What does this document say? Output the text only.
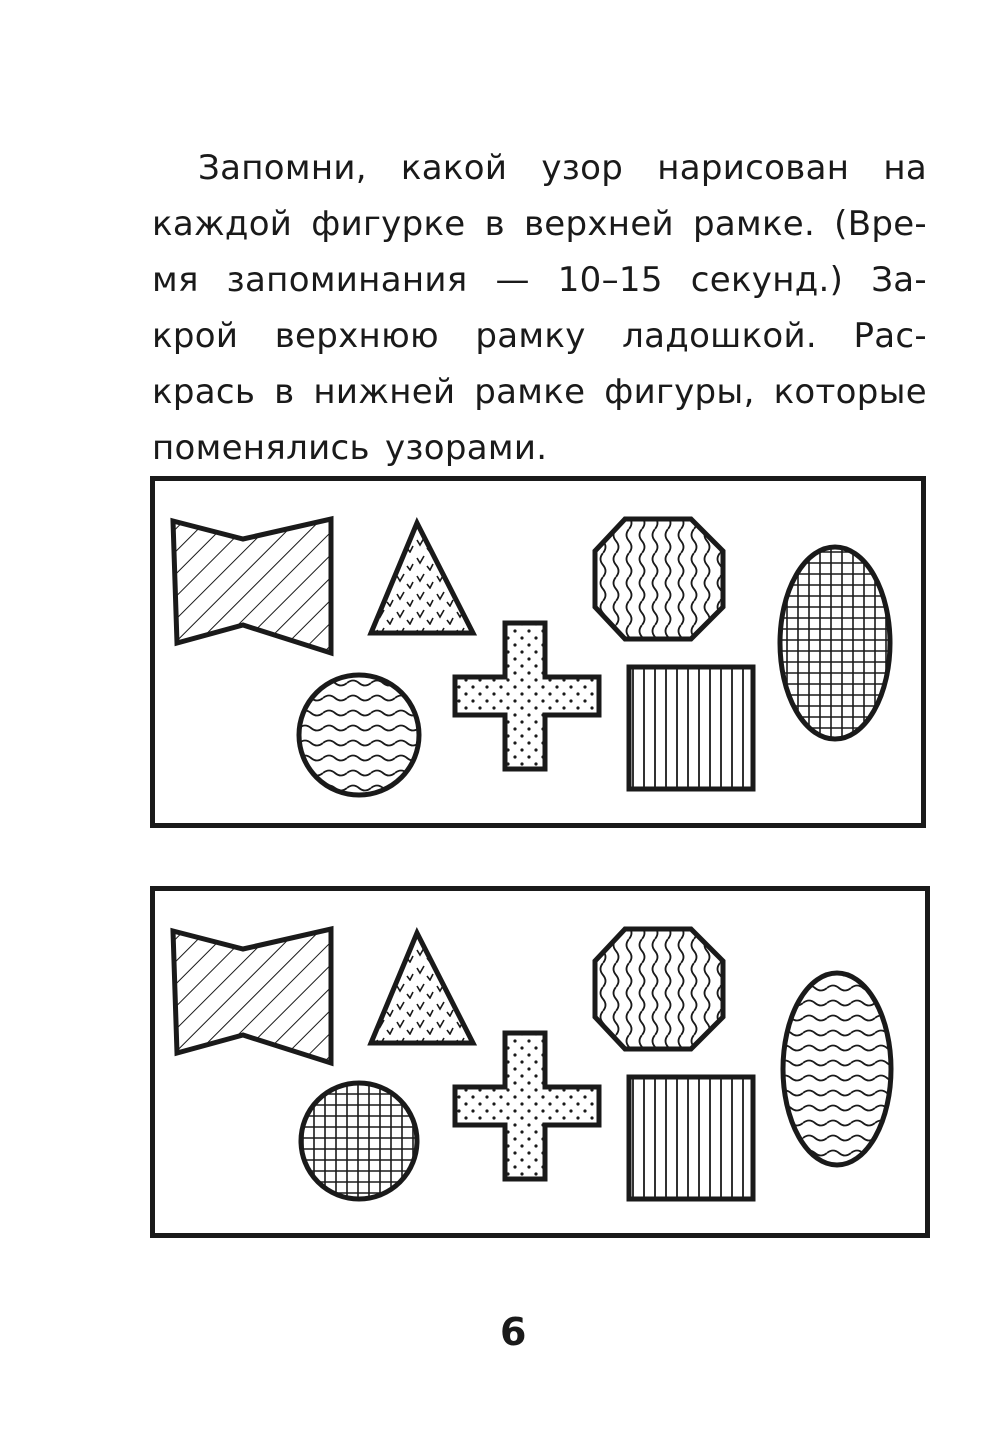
Запомни, какой узор нарисован на
каждой фигурке в верхней рамке. (Вре-
мя запоминания — 10–15 секунд.) За-
крой верхнюю рамку ладошкой. Рас-
крась в нижней рамке фигуры, которые
поменялись узорами.
6
